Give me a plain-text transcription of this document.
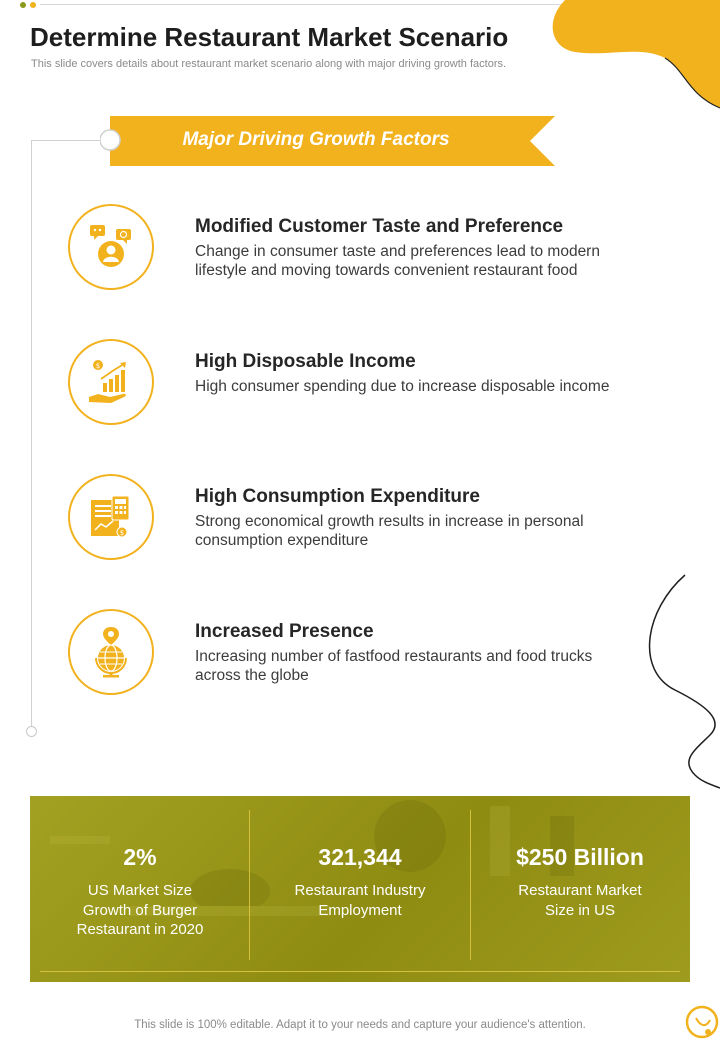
Determine Restaurant Market Scenario
This slide covers details about restaurant market scenario along with major driving growth factors.
Major Driving Growth Factors
Modified Customer Taste and Preference
Change in consumer taste and preferences lead to modern lifestyle and moving towards convenient restaurant food
$	High Disposable Income
High consumer spending due to increase disposable income
$
High Consumption Expenditure
Strong economical growth results in increase in personal consumption expenditure
Increased Presence
Increasing number of fastfood restaurants and food trucks across the globe
2%
US Market Size Growth of Burger Restaurant in 2020
321,344
Restaurant Industry Employment
$250 Billion
Restaurant Market Size in US
This slide is 100% editable. Adapt it to your needs and capture your audience's attention.
